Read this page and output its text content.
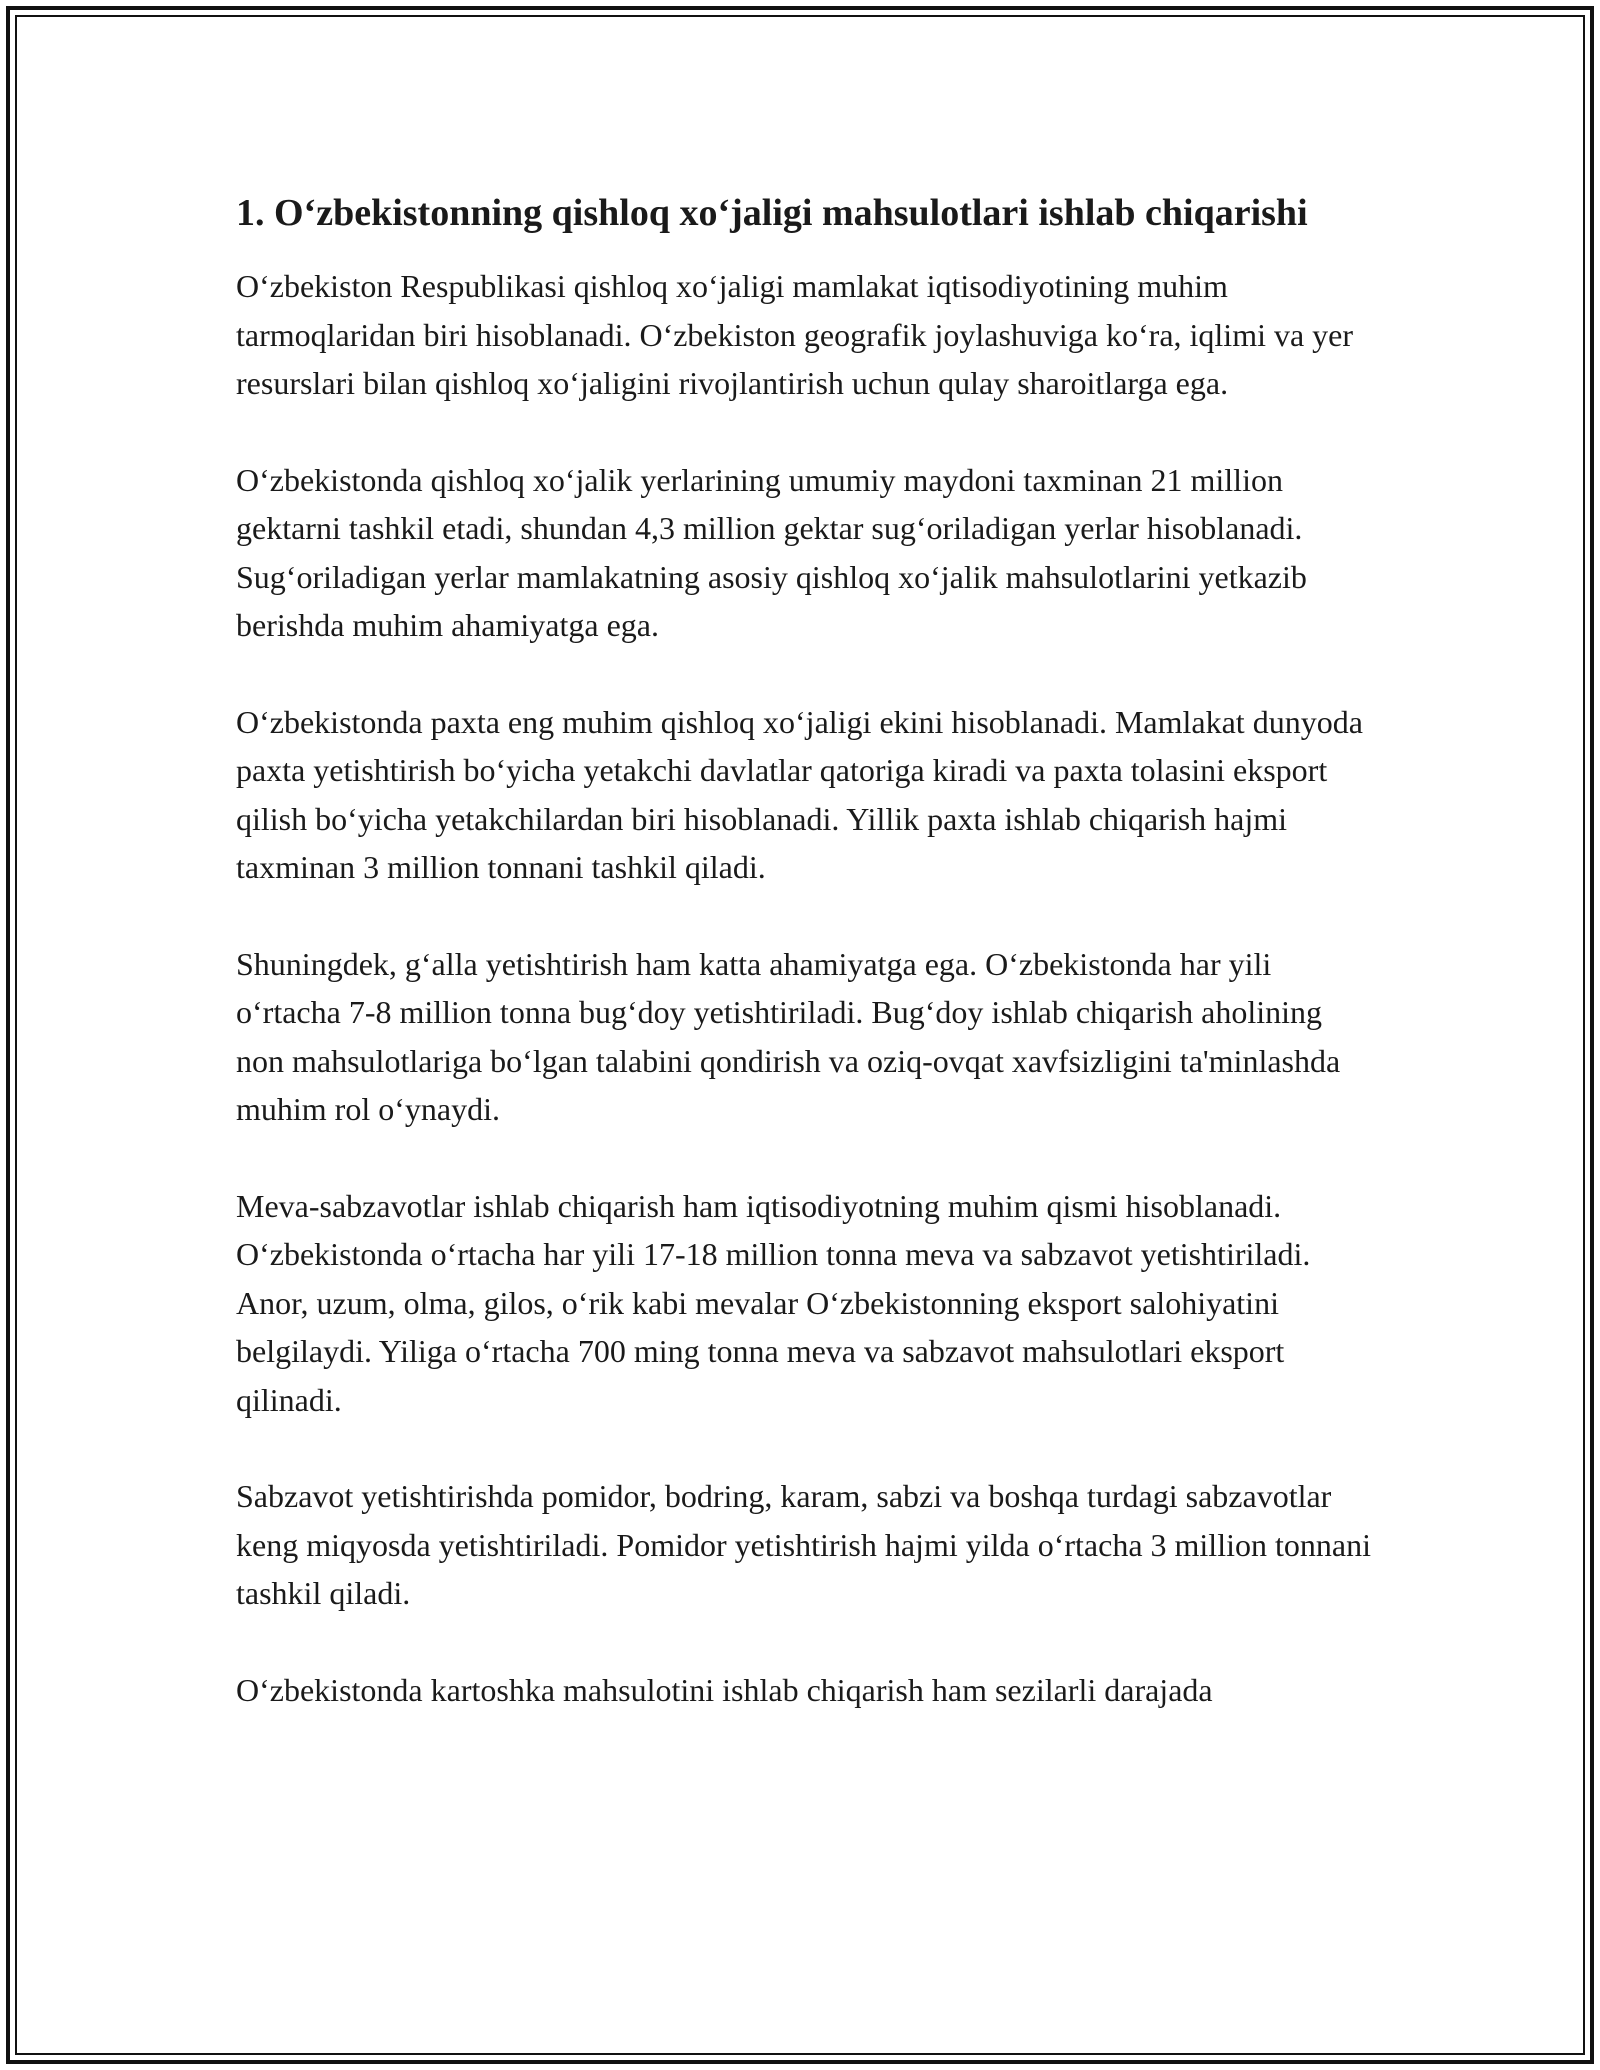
1. O‘zbekistonning qishloq xo‘jaligi mahsulotlari ishlab chiqarishi

O‘zbekiston Respublikasi qishloq xo‘jaligi mamlakat iqtisodiyotining muhim tarmoqlaridan biri hisoblanadi. O‘zbekiston geografik joylashuviga ko‘ra, iqlimi va yer resurslari bilan qishloq xo‘jaligini rivojlantirish uchun qulay sharoitlarga ega.

O‘zbekistonda qishloq xo‘jalik yerlarining umumiy maydoni taxminan 21 million gektarni tashkil etadi, shundan 4,3 million gektar sug‘oriladigan yerlar hisoblanadi. Sug‘oriladigan yerlar mamlakatning asosiy qishloq xo‘jalik mahsulotlarini yetkazib berishda muhim ahamiyatga ega.

O‘zbekistonda paxta eng muhim qishloq xo‘jaligi ekini hisoblanadi. Mamlakat dunyoda paxta yetishtirish bo‘yicha yetakchi davlatlar qatoriga kiradi va paxta tolasini eksport qilish bo‘yicha yetakchilardan biri hisoblanadi. Yillik paxta ishlab chiqarish hajmi taxminan 3 million tonnani tashkil qiladi.

Shuningdek, g‘alla yetishtirish ham katta ahamiyatga ega. O‘zbekistonda har yili o‘rtacha 7-8 million tonna bug‘doy yetishtiriladi. Bug‘doy ishlab chiqarish aholining non mahsulotlariga bo‘lgan talabini qondirish va oziq-ovqat xavfsizligini ta'minlashda muhim rol o‘ynaydi.

Meva-sabzavotlar ishlab chiqarish ham iqtisodiyotning muhim qismi hisoblanadi. O‘zbekistonda o‘rtacha har yili 17-18 million tonna meva va sabzavot yetishtiriladi. Anor, uzum, olma, gilos, o‘rik kabi mevalar O‘zbekistonning eksport salohiyatini belgilaydi. Yiliga o‘rtacha 700 ming tonna meva va sabzavot mahsulotlari eksport qilinadi.

Sabzavot yetishtirishda pomidor, bodring, karam, sabzi va boshqa turdagi sabzavotlar keng miqyosda yetishtiriladi. Pomidor yetishtirish hajmi yilda o‘rtacha 3 million tonnani tashkil qiladi.

O‘zbekistonda kartoshka mahsulotini ishlab chiqarish ham sezilarli darajada
